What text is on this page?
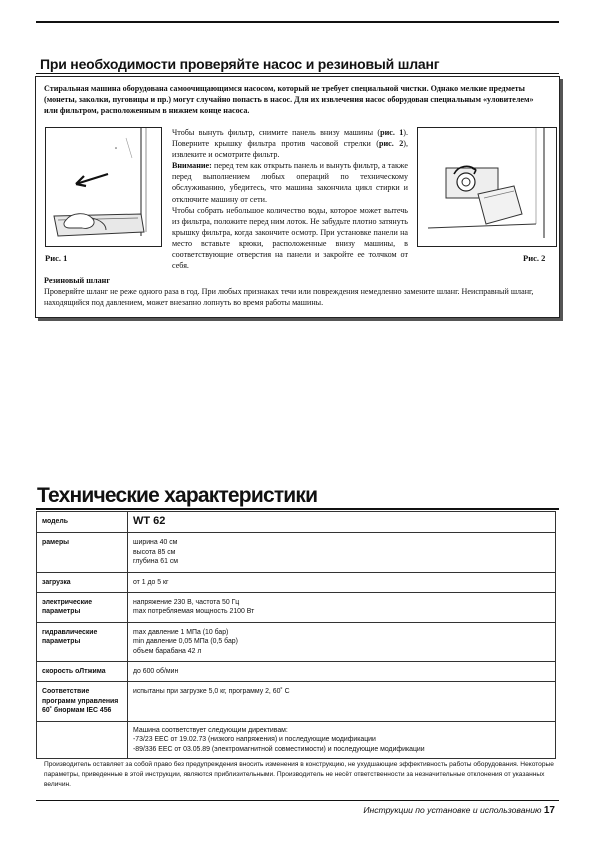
При необходимости проверяйте насос и резиновый шланг
Стиральная машина оборудована самоочищающимся насосом, который не требует специальной чистки. Однако мелкие предметы (монеты, заколки, пуговицы и пр.) могут случайно попасть в насос. Для их извлечения насос оборудован специальным «уловителем» или фильтром, расположенным в нижнем конце насоса.
Рис. 1

Чтобы вынуть фильтр, снимите панель внизу машины (рис. 1). Поверните крышку фильтра против часовой стрелки (рис. 2), извлеките и осмотрите фильтр.

Внимание: перед тем как открыть панель и вынуть фильтр, а также перед выполнением любых операций по техническому обслуживанию, убедитесь, что машина закончила цикл стирки и отключите машину от сети.

Чтобы собрать небольшое количество воды, которое может вытечь из фильтра, положите перед ним лоток. Не забудьте плотно затянуть крышку фильтра, когда закончите осмотр. При установке панели на место вставьте крюки, расположенные внизу машины, в соответствующие отверстия на панели и закройте ее толчком от себя.

Рис. 2
Резиновый шланг
Проверяйте шланг не реже одного раза в год. При любых признаках течи или повреждения немедленно замените шланг. Неисправный шланг, находящийся под давлением, может внезапно лопнуть во время работы машины.
Технические характеристики
модель	WT 62
рамеры	ширина 40 см
высота 85 см
глубина 61 см

загрузка	от 1 до 5 кг

электрические параметры	напряжение 230 В, частота 50 Гц
max потребляемая мощность 2100 Вт

гидравлические параметры	max давление 1 МПа (10 бар)
min давление 0,05 МПа (0,5 бар)
объем барабана 42 л

скорость оЛтжима	до 600 об/мин

Соответствие программ управления 60˚ бнормам IEC 456	испытаны при загрузке 5,0 кг, программу 2, 60˚ С

	Машина соответствует следующим директивам:
-73/23 ЕЕС от 19.02.73 (низкого напряжения) и последующие модификации
-89/336 ЕЕС от 03.05.89 (электромагнитной совместимости) и последующие модификации
Производитель оставляет за собой право без предупреждения вносить изменения в конструкцию, не ухудшающие эффективность работы оборудования. Некоторые параметры, приведенные в этой инструкции, являются приблизительными. Производитель не несёт ответственности за незначительные отклонения от указанных величин.
Инструкции по установке и использованию 17
